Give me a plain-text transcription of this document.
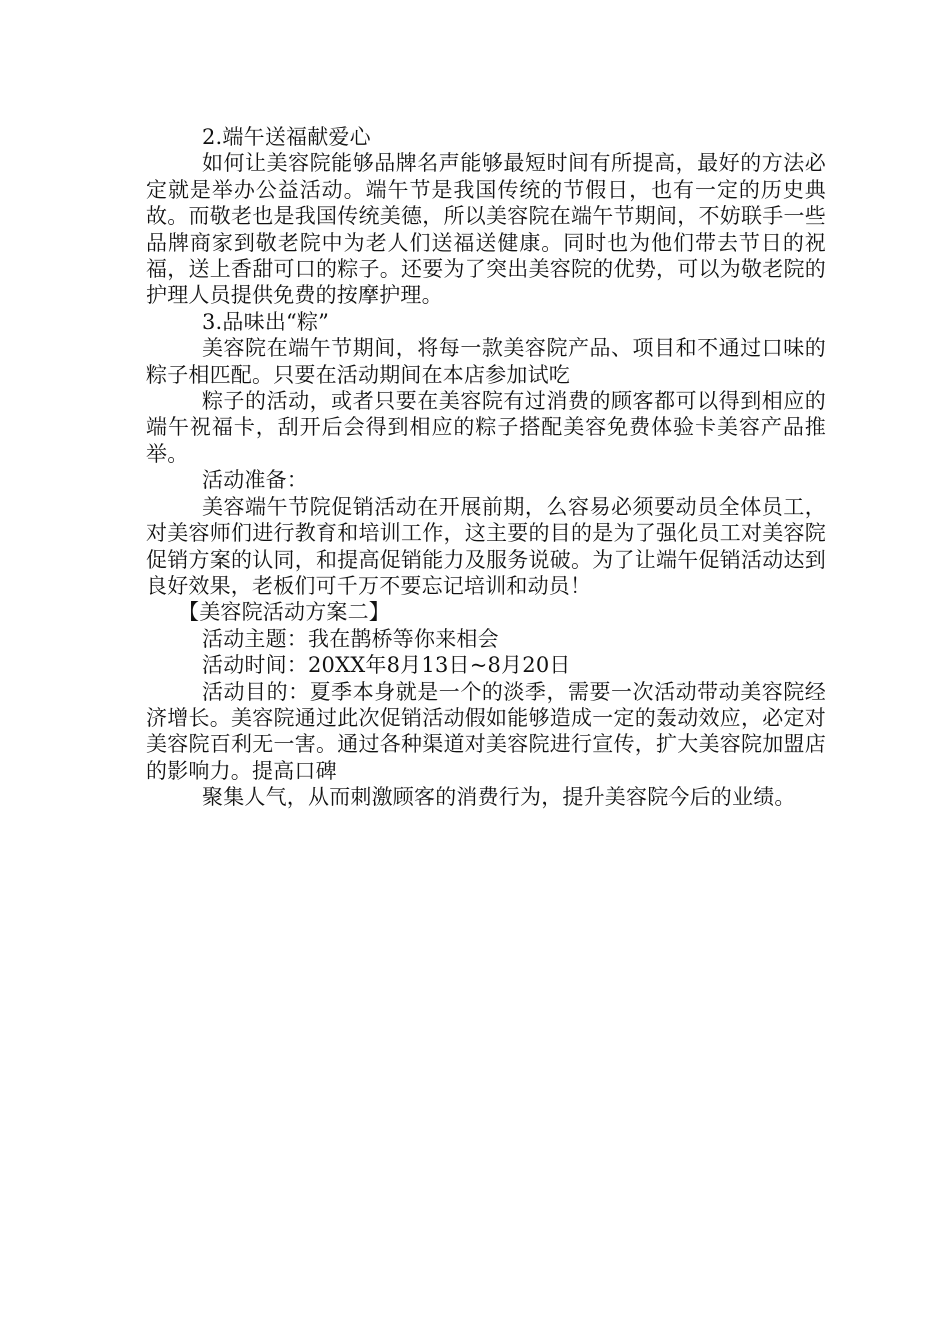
2.端午送福献爱心

如何让美容院能够品牌名声能够最短时间有所提高，最好的方法必定就是举办公益活动。端午节是我国传统的节假日，也有一定的历史典故。而敬老也是我国传统美德，所以美容院在端午节期间，不妨联手一些品牌商家到敬老院中为老人们送福送健康。同时也为他们带去节日的祝福，送上香甜可口的粽子。还要为了突出美容院的优势，可以为敬老院的护理人员提供免费的按摩护理。

3.品味出“粽”

美容院在端午节期间，将每一款美容院产品、项目和不通过口味的粽子相匹配。只要在活动期间在本店参加试吃

粽子的活动，或者只要在美容院有过消费的顾客都可以得到相应的端午祝福卡，刮开后会得到相应的粽子搭配美容免费体验卡美容产品推举。

活动准备：

美容端午节院促销活动在开展前期，么容易必须要动员全体员工，对美容师们进行教育和培训工作，这主要的目的是为了强化员工对美容院促销方案的认同，和提高促销能力及服务说破。为了让端午促销活动达到良好效果，老板们可千万不要忘记培训和动员！

【美容院活动方案二】

活动主题：我在鹊桥等你来相会

活动时间：20XX年8月13日~8月20日

活动目的：夏季本身就是一个的淡季，需要一次活动带动美容院经济增长。美容院通过此次促销活动假如能够造成一定的轰动效应，必定对美容院百利无一害。通过各种渠道对美容院进行宣传，扩大美容院加盟店的影响力。提高口碑

聚集人气，从而刺激顾客的消费行为，提升美容院今后的业绩。
